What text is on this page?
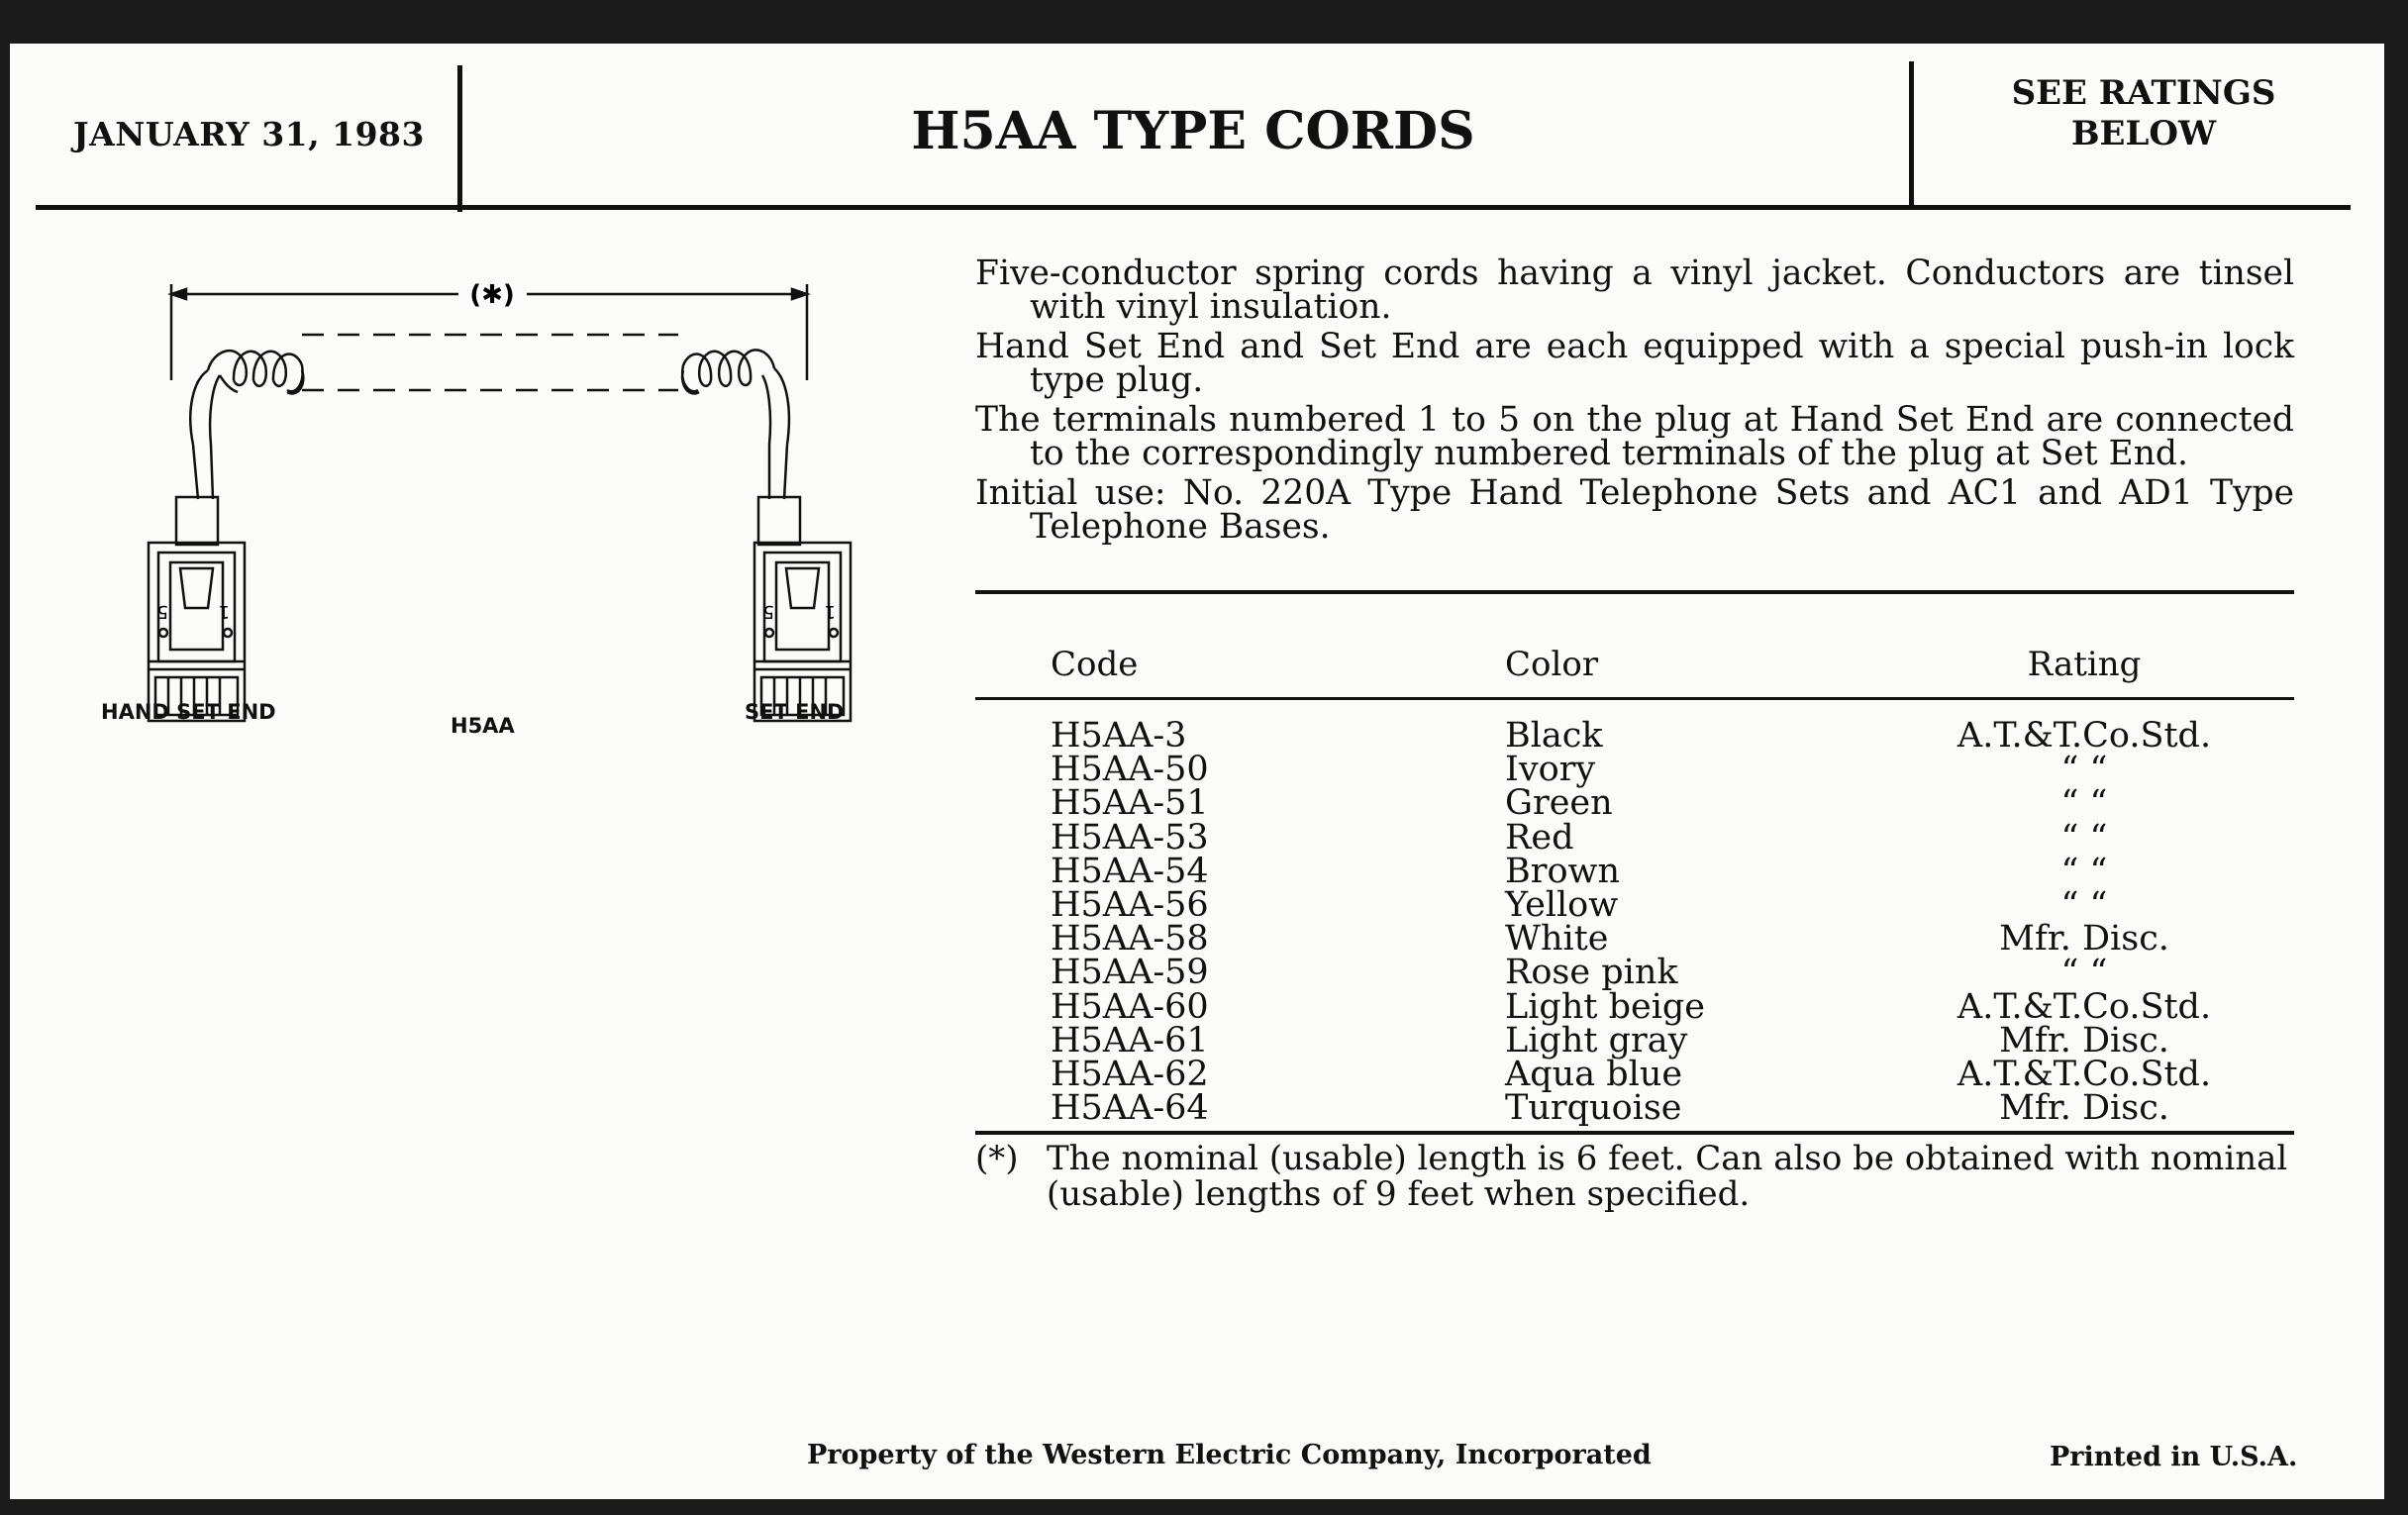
JANUARY 31, 1983	H5AA TYPE CORDS
SEE RATINGS
BELOW
(✱)
5	1	5	1
HAND SET END
H5AA
SET END

Five-conductor spring cords having a vinyl jacket. Conductors are tinsel with vinyl insulation.

Hand Set End and Set End are each equipped with a special push-in lock type plug.

The terminals numbered 1 to 5 on the plug at Hand Set End are connected to the correspondingly numbered terminals of the plug at Set End.

Initial use: No. 220A Type Hand Telephone Sets and AC1 and AD1 Type Telephone Bases.

Code	Color	Rating
H5AA-3	Black	A.T.&T.Co.Std.
H5AA-50	Ivory	“ “
H5AA-51	Green	“ “
H5AA-53	Red	“ “
H5AA-54	Brown	“ “
H5AA-56	Yellow	“ “
H5AA-58	White	Mfr. Disc.
H5AA-59	Rose pink	“ “
H5AA-60	Light beige	A.T.&T.Co.Std.
H5AA-61	Light gray	Mfr. Disc.
H5AA-62	Aqua blue	A.T.&T.Co.Std.
H5AA-64	Turquoise	Mfr. Disc.
(*) The nominal (usable) length is 6 feet. Can also be obtained with nominal (usable) lengths of 9 feet when specified.
Property of the Western Electric Company, Incorporated	Printed in U.S.A.
